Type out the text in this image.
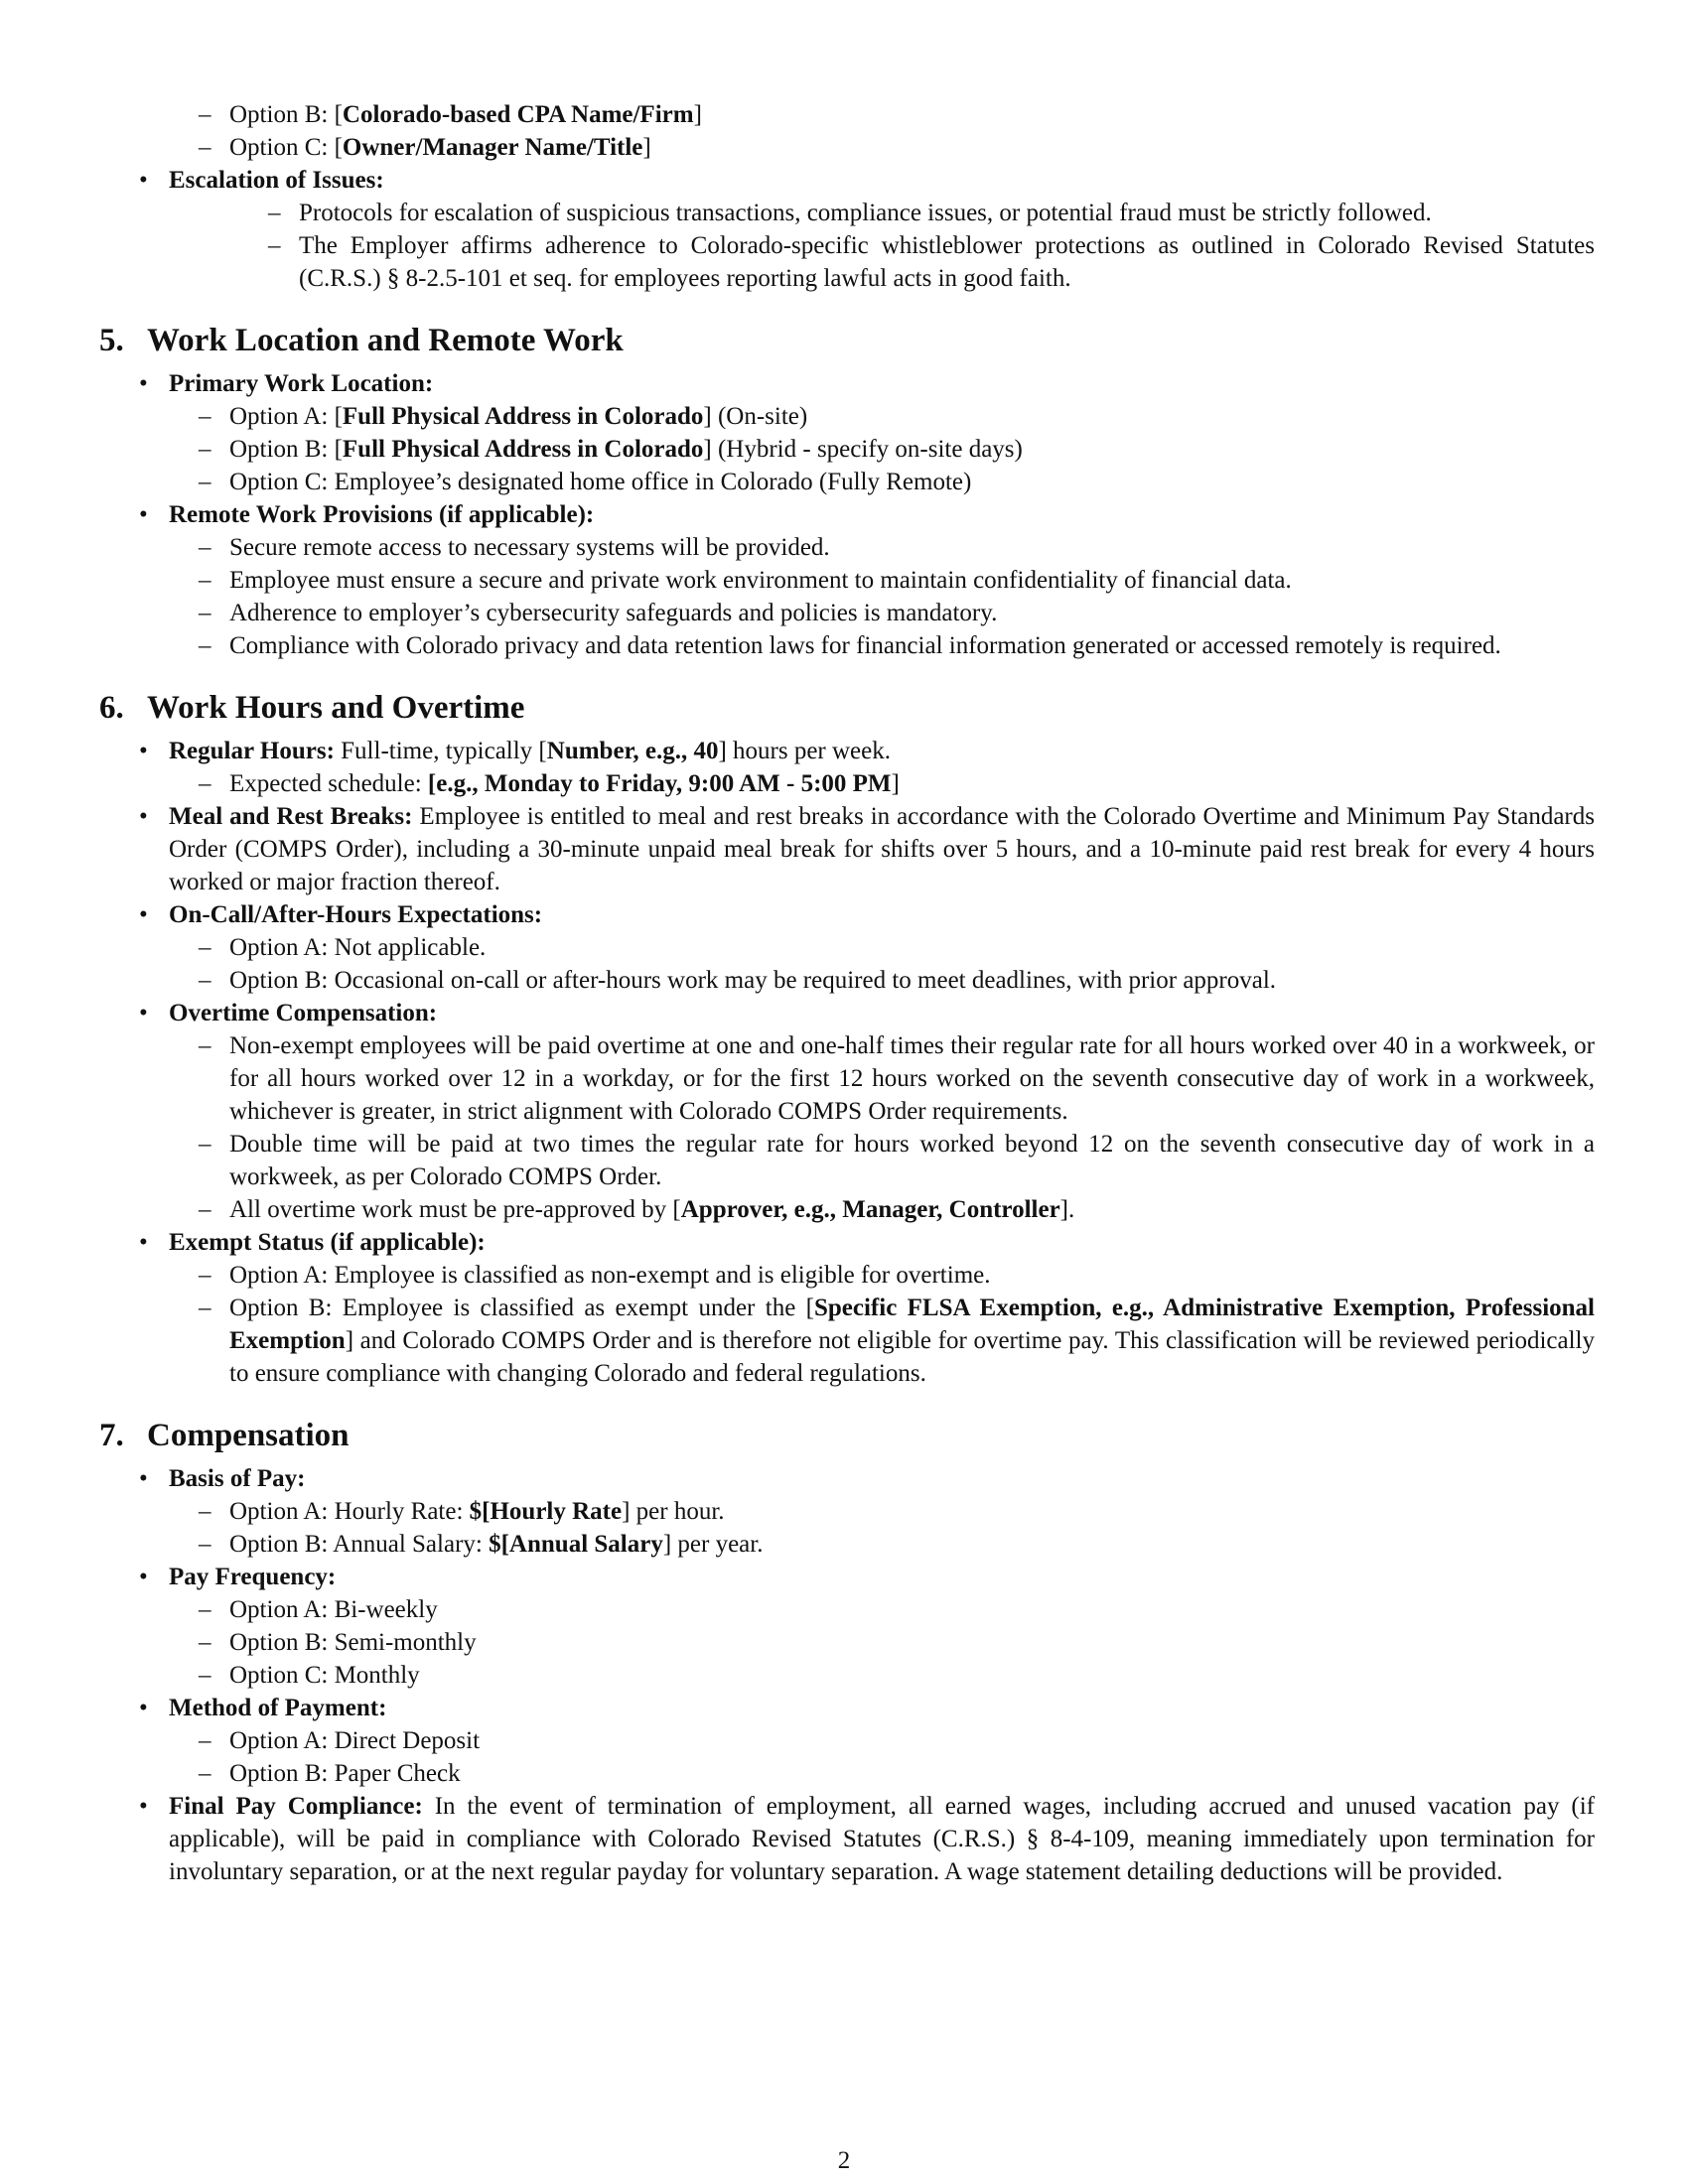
– Option B: [Colorado-based CPA Name/Firm]
– Option C: [Owner/Manager Name/Title]
• Escalation of Issues:
– Protocols for escalation of suspicious transactions, compliance issues, or potential fraud must be strictly followed.
– The Employer affirms adherence to Colorado-specific whistleblower protections as outlined in Colorado Revised Statutes (C.R.S.) § 8-2.5-101 et seq. for employees reporting lawful acts in good faith.
5. Work Location and Remote Work
• Primary Work Location:
– Option A: [Full Physical Address in Colorado] (On-site)
– Option B: [Full Physical Address in Colorado] (Hybrid - specify on-site days)
– Option C: Employee’s designated home office in Colorado (Fully Remote)
• Remote Work Provisions (if applicable):
– Secure remote access to necessary systems will be provided.
– Employee must ensure a secure and private work environment to maintain confidentiality of financial data.
– Adherence to employer’s cybersecurity safeguards and policies is mandatory.
– Compliance with Colorado privacy and data retention laws for financial information generated or accessed remotely is required.
6. Work Hours and Overtime
• Regular Hours: Full-time, typically [Number, e.g., 40] hours per week.
– Expected schedule: [e.g., Monday to Friday, 9:00 AM - 5:00 PM]
• Meal and Rest Breaks: Employee is entitled to meal and rest breaks in accordance with the Colorado Overtime and Minimum Pay Standards Order (COMPS Order), including a 30-minute unpaid meal break for shifts over 5 hours, and a 10-minute paid rest break for every 4 hours worked or major fraction thereof.
• On-Call/After-Hours Expectations:
– Option A: Not applicable.
– Option B: Occasional on-call or after-hours work may be required to meet deadlines, with prior approval.
• Overtime Compensation:
– Non-exempt employees will be paid overtime at one and one-half times their regular rate for all hours worked over 40 in a workweek, or for all hours worked over 12 in a workday, or for the first 12 hours worked on the seventh consecutive day of work in a workweek, whichever is greater, in strict alignment with Colorado COMPS Order requirements.
– Double time will be paid at two times the regular rate for hours worked beyond 12 on the seventh consecutive day of work in a workweek, as per Colorado COMPS Order.
– All overtime work must be pre-approved by [Approver, e.g., Manager, Controller].
• Exempt Status (if applicable):
– Option A: Employee is classified as non-exempt and is eligible for overtime.
– Option B: Employee is classified as exempt under the [Specific FLSA Exemption, e.g., Administrative Exemption, Professional Exemption] and Colorado COMPS Order and is therefore not eligible for overtime pay. This classification will be reviewed periodically to ensure compliance with changing Colorado and federal regulations.
7. Compensation
• Basis of Pay:
– Option A: Hourly Rate: $[Hourly Rate] per hour.
– Option B: Annual Salary: $[Annual Salary] per year.
• Pay Frequency:
– Option A: Bi-weekly
– Option B: Semi-monthly
– Option C: Monthly
• Method of Payment:
– Option A: Direct Deposit
– Option B: Paper Check
• Final Pay Compliance: In the event of termination of employment, all earned wages, including accrued and unused vacation pay (if applicable), will be paid in compliance with Colorado Revised Statutes (C.R.S.) § 8-4-109, meaning immediately upon termination for involuntary separation, or at the next regular payday for voluntary separation. A wage statement detailing deductions will be provided.
2
